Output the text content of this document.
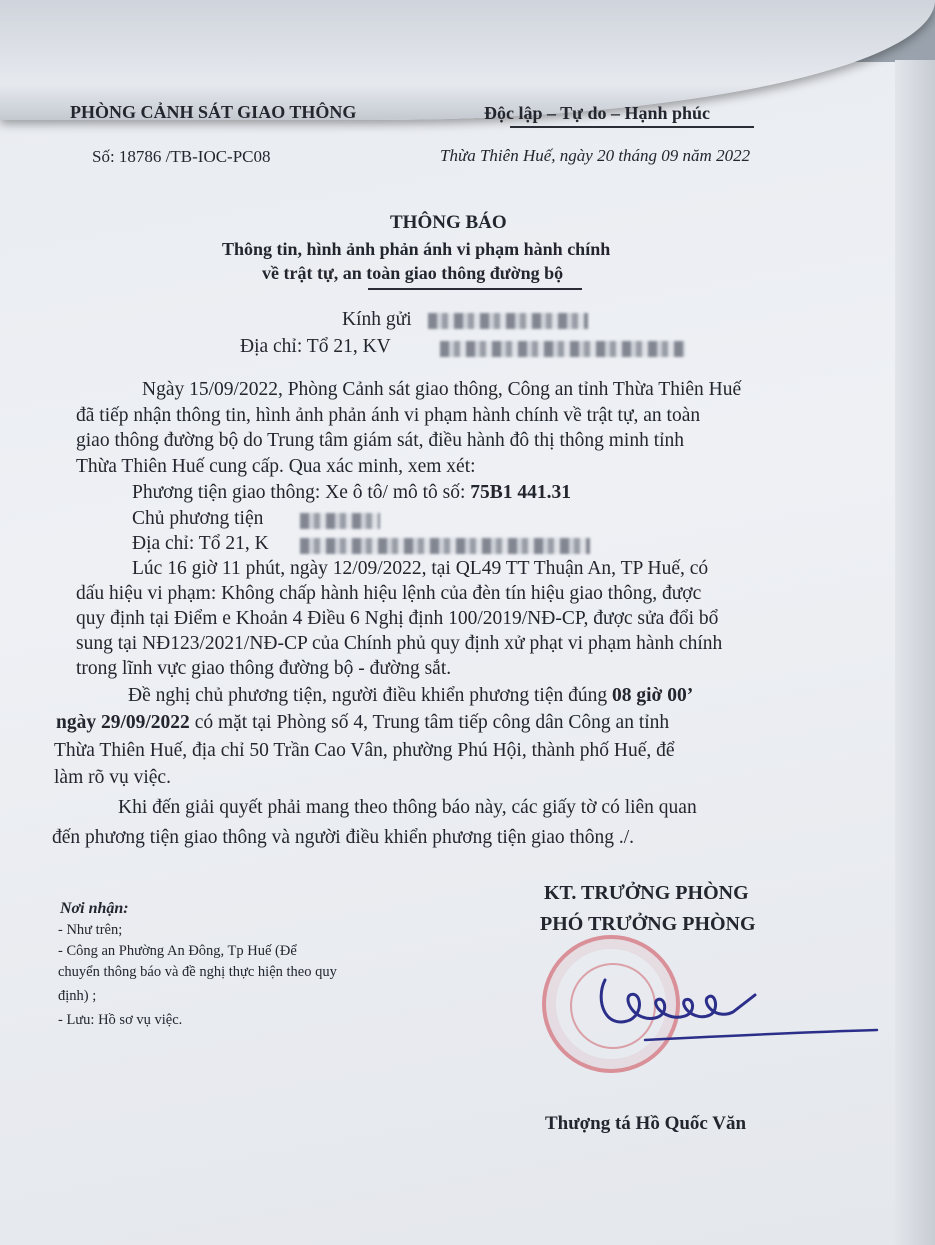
PHÒNG CẢNH SÁT GIAO THÔNG	Độc lập – Tự do – Hạnh phúc
Số: 18786 /TB-IOC-PC08	Thừa Thiên Huế, ngày 20 tháng 09 năm 2022
THÔNG BÁO
Thông tin, hình ảnh phản ánh vi phạm hành chính
về trật tự, an toàn giao thông đường bộ
Kính gửi
Địa chỉ: Tổ 21, KV
Ngày 15/09/2022, Phòng Cảnh sát giao thông, Công an tỉnh Thừa Thiên Huế
đã tiếp nhận thông tin, hình ảnh phản ánh vi phạm hành chính về trật tự, an toàn
giao thông đường bộ do Trung tâm giám sát, điều hành đô thị thông minh tỉnh
Thừa Thiên Huế cung cấp. Qua xác minh, xem xét:
Phương tiện giao thông: Xe ô tô/ mô tô số: 75B1 441.31
Chủ phương tiện
Địa chỉ: Tổ 21, K
Lúc 16 giờ 11 phút, ngày 12/09/2022, tại QL49 TT Thuận An, TP Huế, có
dấu hiệu vi phạm: Không chấp hành hiệu lệnh của đèn tín hiệu giao thông, được
quy định tại Điểm e Khoản 4 Điều 6 Nghị định 100/2019/NĐ-CP, được sửa đổi bổ
sung tại NĐ123/2021/NĐ-CP của Chính phủ quy định xử phạt vi phạm hành chính
trong lĩnh vực giao thông đường bộ - đường sắt.
Đề nghị chủ phương tiện, người điều khiển phương tiện đúng 08 giờ 00’
ngày 29/09/2022 có mặt tại Phòng số 4, Trung tâm tiếp công dân Công an tỉnh
Thừa Thiên Huế, địa chỉ 50 Trần Cao Vân, phường Phú Hội, thành phố Huế, để
làm rõ vụ việc.
Khi đến giải quyết phải mang theo thông báo này, các giấy tờ có liên quan
đến phương tiện giao thông và người điều khiển phương tiện giao thông ./.
Nơi nhận:
- Như trên;
- Công an Phường An Đông, Tp Huế (Để
chuyển thông báo và đề nghị thực hiện theo quy
định) ;
- Lưu: Hồ sơ vụ việc.
KT. TRƯỞNG PHÒNG
PHÓ TRƯỞNG PHÒNG
Thượng tá Hồ Quốc Văn
